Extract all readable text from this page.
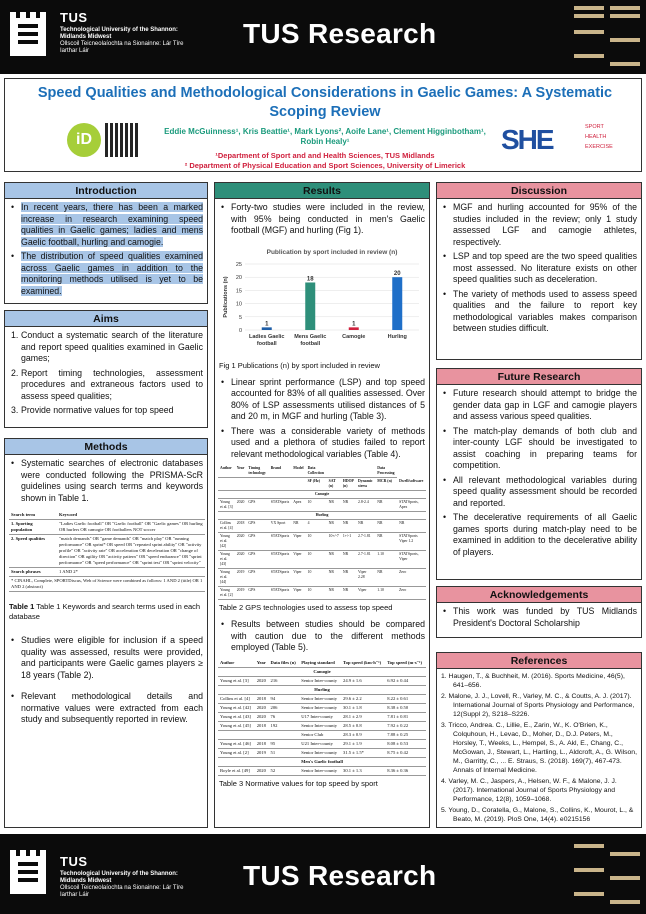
TUS
Technological University of the Shannon: Midlands Midwest
Ollscoil Teicneolaíochta na Sionainne: Lár Tíre Iarthar Láir
TUS Research
Speed Qualities and Methodological Considerations in Gaelic Games: A Systematic Scoping Review
iD	Eddie McGuinness¹, Kris Beattie¹, Mark Lyons², Aoife Lane¹, Clement Higginbotham¹, Robin Healy¹
¹Department of Sport and and Health Sciences, TUS Midlands
² Department of Physical Education and Sport Sciences, University of Limerick
SHE	SPORT
HEALTH
EXERCISE
Introduction
• In recent years, there has been a marked increase in research examining speed qualities in Gaelic games; ladies and mens Gaelic football, hurling and camogie.
• The distribution of speed qualities examined across Gaelic games in addition to the monitoring methods utilised is yet to be examined.
Aims
1. Conduct a systematic search of the literature and report speed qualities examined in Gaelic games;
2. Report timing technologies, assessment procedures and extraneous factors used to assess speed qualities;
3. Provide normative values for top speed
Methods
• Systematic searches of electronic databases were conducted following the PRISMA-ScR guidelines using search terms and keywords shown in Table 1.
Search term	Keyword
1. Sporting population	"Ladies Gaelic football" OR "Gaelic football" OR "Gaelic games" OR hurling OR hurlers OR camogie OR footballers NOT soccer
2. Speed qualities	"match demands" OR "game demands" OR "match play" OR "running performance" OR sprint* OR speed OR "repeated sprint ability" OR "activity profile" OR "activity rate" OR acceleration OR deceleration OR "change of direction" OR agility OR "activity pattern" OR "speed endurance" OR "sprint performance" OR "speed performance" OR "sprint test" OR "sprint velocity"
Search phrases	1 AND 2*
* CINAHL, Complete, SPORTDiscus, Web of Science were combined as follows: 1 AND 2 (title) OR 1 AND 2 (abstract)	
Table 1 Table 1 Keywords and search terms used in each database
• Studies were eligible for inclusion if a speed quality was assessed, results were provided, and participants were Gaelic games players ≥ 18 years (Table 2).
• Relevant methodological details and normative values were extracted from each study and subsequently reported in review.
Results
• Forty-two studies were included in the review, with 95% being conducted in men's Gaelic football (MGF) and hurling (Fig 1).
Publication by sport included in review (n)
0
5
10
15
20
25
Publications (n)
1
Ladies Gaelic
football
18
Mens Gaelic
football
1
Camogie
20
Hurling
Fig 1 Publications (n) by sport included in review
• Linear sprint performance (LSP) and top speed accounted for 83% of all qualities assessed. Over 80% of LSP assessments utilised distances of 5 and 20 m, in MGF and hurling (Table 3).
• There was a considerable variety of methods used and a plethora of studies failed to report relevant methodological variables (Table 4).
Author	Year	Timing technology	Brand	Model	Data Collection				Data Processing	
					SF (Hz)	SAT (n)	HDOP (n)	Dynamic stress	MCR (n)	Dwell/software
Camogie										
Young et al. [3]	2020	GPS	STATSports	Apex	10	NR	NR	2.8-2.4	NR	STATSports, Apex
Hurling										
Collins et al. [4]	2018	GPS	VX Sport	NR	4	NR	NR	NR	NR	NR
Young et al. [42]	2020	GPS	STATSports	Viper	10	10+/-7	1+/-1	2.7-1.81	NR	STATSports Viper 1.2
Young et al. [43]	2020	GPS	STATSports	Viper	10	NR	NR	2.7-1.81	1.10	STATSports, Viper
Young et al. [44]	2019	GPS	STATSports	Viper	10	NR	NR	Viper 2.28	NR	Zero
Young et al. [2]	2019	GPS	STATSports	Viper	10	NR	NR	Viper	1.10	Zero
Table 2 GPS technologies used to assess top speed
• Results between studies should be compared with caution due to the different methods employed (Table 5).
Author	Year	Data files (n)	Playing standard	Top speed (km·h⁻¹)	Top speed (m·s⁻¹)
Camogie					
Young et al. [3]	2020	216	Senior Inter-county	24.9 ± 1.6	6.92 ± 0.44
Hurling					
Collins et al. [4]	2018	94	Senior Inter-county	29.6 ± 2.2	8.22 ± 0.61
Young et al. [42]	2020	206	Senior Inter-county	30.1 ± 1.8	8.38 ± 0.50
Young et al. [43]	2020	76	U17 Inter-county	28.1 ± 2.9	7.81 ± 0.81
Young et al. [45]	2018	192	Senior Inter-county	28.5 ± 0.8	7.92 ± 0.22
			Senior Club	28.3 ± 0.9	7.88 ± 0.25
Young et al. [46]	2018	95	U21 Inter-county	29.1 ± 1.9	8.08 ± 0.53
Young et al. [2]	2019	51	Senior Inter-county	31.5 ± 1.5*	8.75 ± 0.42
Men's Gaelic football					
Boyle et al. [49]	2020	52	Senior Inter-county	30.1 ± 1.3	8.36 ± 0.36
Table 3 Normative values for top speed by sport
Discussion
• MGF and hurling accounted for 95% of the studies included in the review; only 1 study assessed LGF and camogie athletes, respectively.
• LSP and top speed are the two speed qualities most assessed. No literature exists on other speed qualities such as deceleration.
• The variety of methods used to assess speed qualities and the failure to report key methodological variables makes comparison between studies difficult.
Future Research
• Future research should attempt to bridge the gender data gap in LGF and camogie players and assess various speed qualities.
• The match-play demands of both club and inter-county LGF should be investigated to assist coaching in preparing teams for competition.
• All relevant methodological variables during speed quality assessment should be recorded and reported.
• The decelerative requirements of all Gaelic games sports during match-play need to be examined in addition to the decelerative ability of players.
Acknowledgements
• This work was funded by TUS Midlands President's Doctoral Scholarship
References
1. Haugen, T., & Buchheit, M. (2016). Sports Medicine, 46(5), 641–656.
2. Malone, J. J., Lovell, R., Varley, M. C., & Coutts, A. J. (2017). International Journal of Sports Physiology and Performance, 12(Suppl 2), S218–S226.
3. Tricco, Andrea. C., Lillie, E., Zarin, W., K. O'Brien, K., Colquhoun, H., Levac, D., Moher, D., D.J. Peters, M., Horsley, T., Weeks, L., Hempel, S., A. Akl, E., Chang, C., McGowan, J., Stewart, L., Hartling, L., Aldcroft, A., G. Wilson, M., Garritty, C., ... E. Straus, S. (2018). 169(7), 467-473. Annals of Internal Medicine.
4. Varley, M. C., Jaspers, A., Helsen, W. F., & Malone, J. J. (2017). International Journal of Sports Physiology and Performance, 12(8), 1059–1068.
5. Young, D., Coratella, G., Malone, S., Collins, K., Mourot, L., & Beato, M. (2019). PloS One, 14(4). e0215156
TUS
Technological University of the Shannon: Midlands Midwest
Ollscoil Teicneolaíochta na Sionainne: Lár Tíre Iarthar Láir
TUS Research
